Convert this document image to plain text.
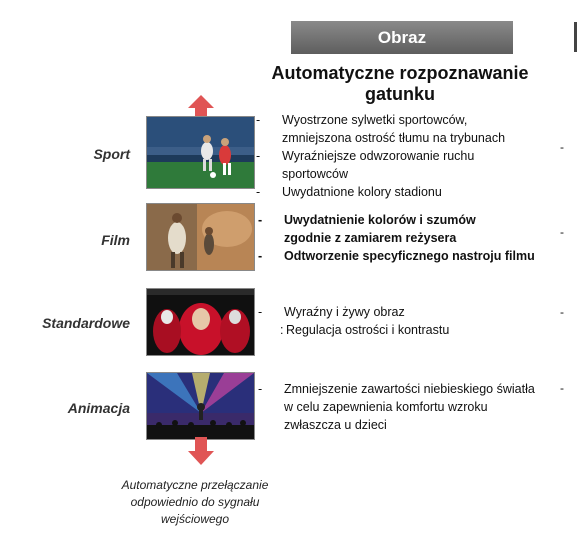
Obraz
Automatyczne rozpoznawanie
gatunku
Sport
Film
Standardowe
Animacja
- Wyostrzone sylwetki sportowców,
zmniejszona ostrość tłumu na trybunach
- Wyraźniejsze odwzorowanie ruchu
sportowców
- Uwydatnione kolory stadionu
- Uwydatnienie kolorów i szumów
zgodnie z zamiarem reżysera
- Odtworzenie specyficznego nastroju filmu
- Wyraźny i żywy obraz
: Regulacja ostrości i kontrastu
- Zmniejszenie zawartości niebieskiego światła
w celu zapewnienia komfortu wzroku
zwłaszcza u dzieci
-
-
-
-
Automatyczne przełączanie
odpowiednio do sygnału
wejściowego
